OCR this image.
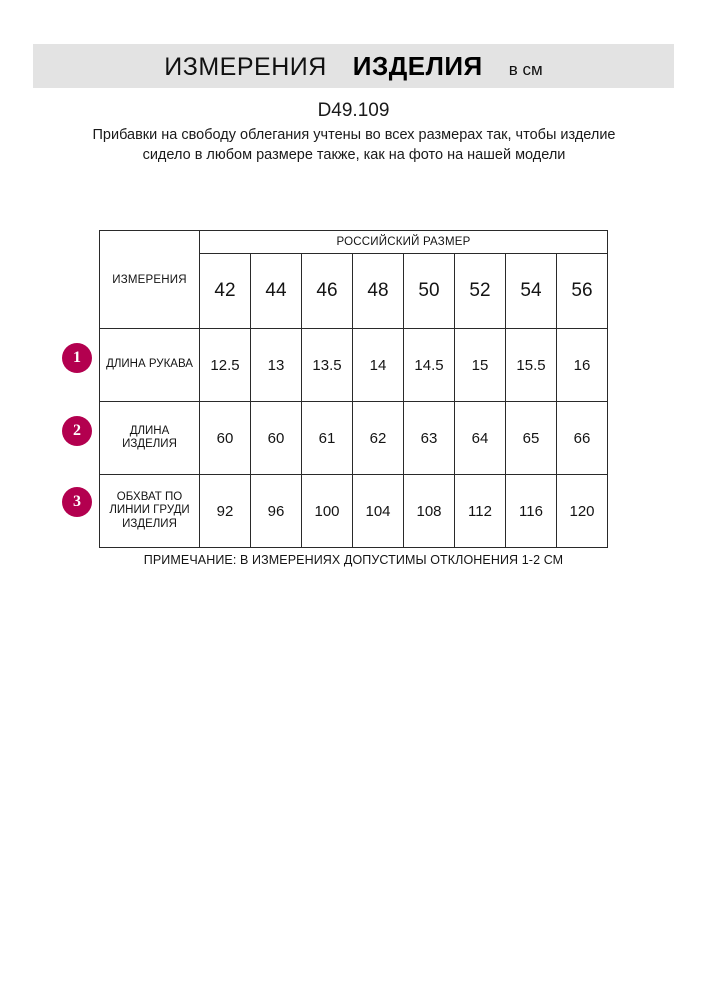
ИЗМЕРЕНИЯ ИЗДЕЛИЯ в см
D49.109
Прибавки на свободу облегания учтены во всех размерах так, чтобы изделие сидело в любом размере также, как на фото на нашей модели
1
2
3
ИЗМЕРЕНИЯ	РОССИЙСКИЙ РАЗМЕР							
	42	44	46	48	50	52	54	56
ДЛИНА РУКАВА	12.5	13	13.5	14	14.5	15	15.5	16
ДЛИНА ИЗДЕЛИЯ	60	60	61	62	63	64	65	66
ОБХВАТ ПО ЛИНИИ ГРУДИ ИЗДЕЛИЯ	92	96	100	104	108	112	116	120
ПРИМЕЧАНИЕ: В ИЗМЕРЕНИЯХ ДОПУСТИМЫ ОТКЛОНЕНИЯ 1-2 СМ
